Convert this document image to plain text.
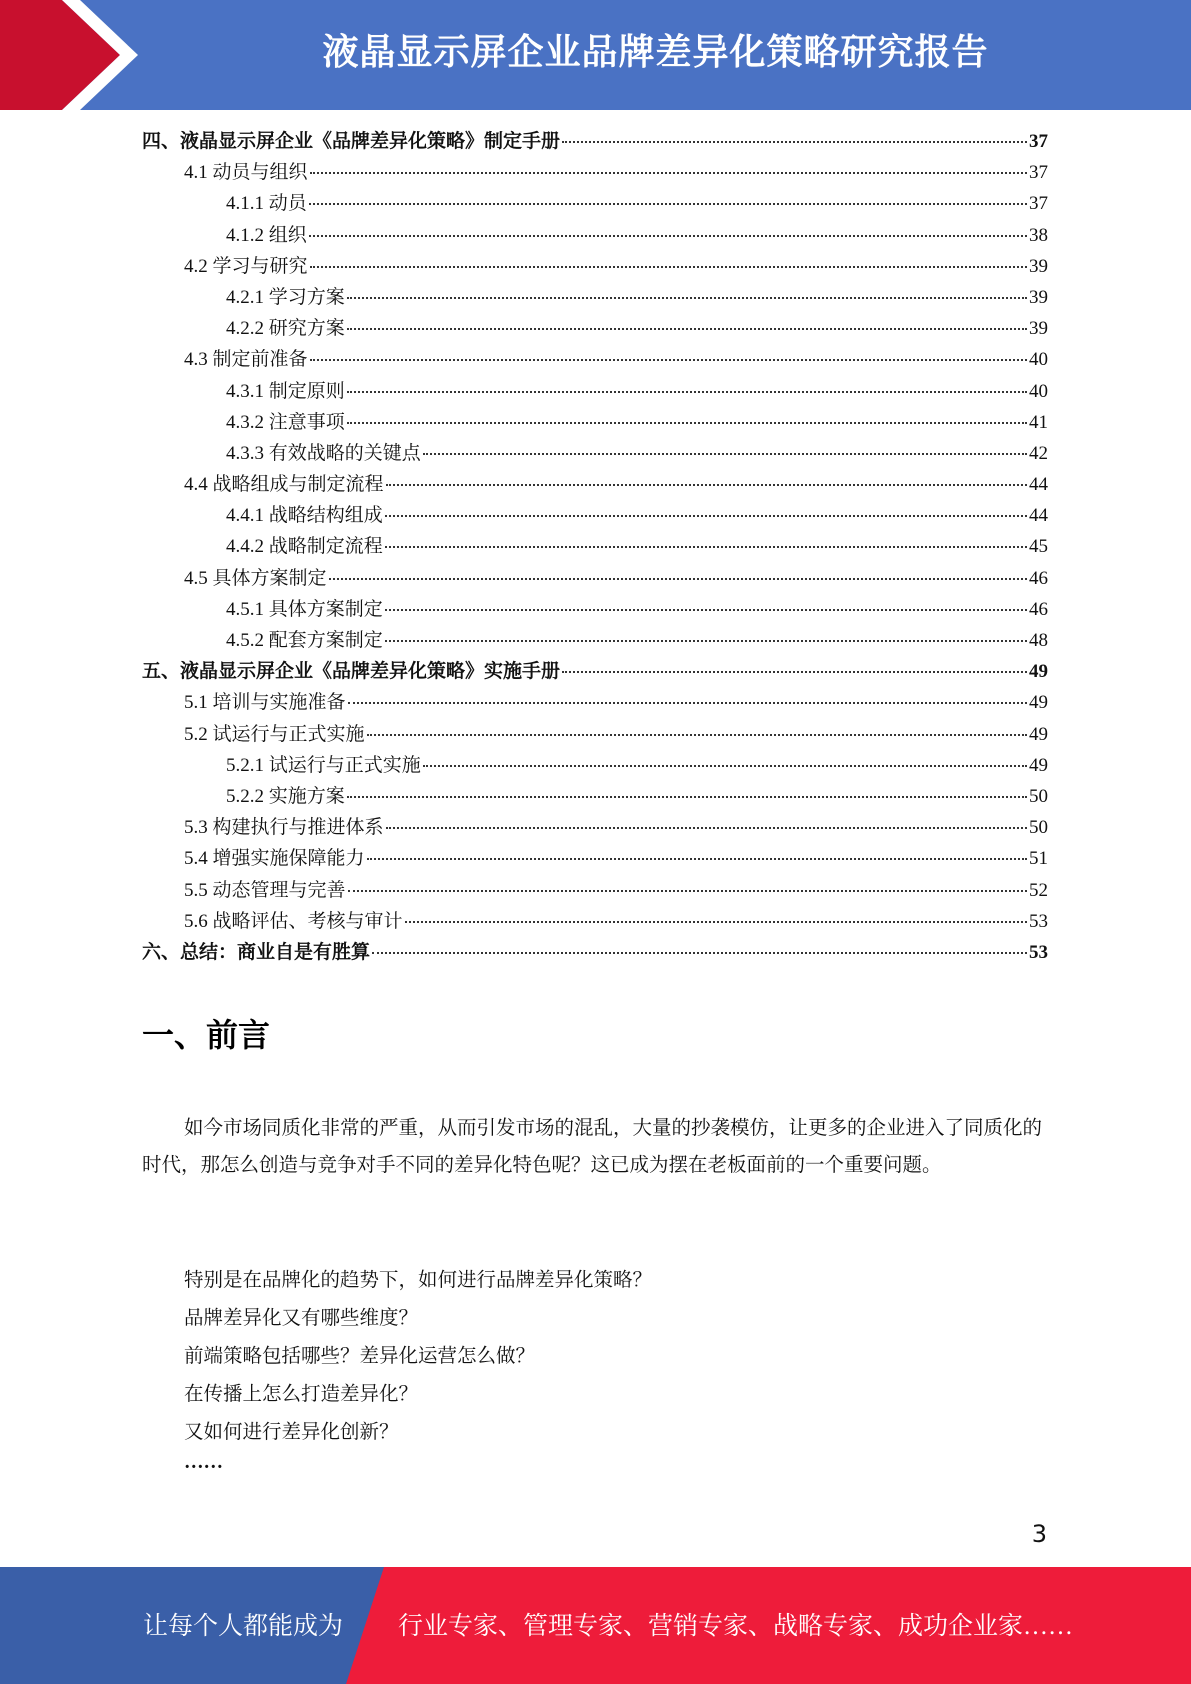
液晶显示屏企业品牌差异化策略研究报告
四、液晶显示屏企业《品牌差异化策略》制定手册	37
4.1 动员与组织	37
4.1.1 动员	37
4.1.2 组织	38
4.2 学习与研究	39
4.2.1 学习方案	39
4.2.2 研究方案	39
4.3 制定前准备	40
4.3.1 制定原则	40
4.3.2 注意事项	41
4.3.3 有效战略的关键点	42
4.4 战略组成与制定流程	44
4.4.1 战略结构组成	44
4.4.2 战略制定流程	45
4.5 具体方案制定	46
4.5.1 具体方案制定	46
4.5.2 配套方案制定	48
五、液晶显示屏企业《品牌差异化策略》实施手册	49
5.1 培训与实施准备	49
5.2 试运行与正式实施	49
5.2.1 试运行与正式实施	49
5.2.2 实施方案	50
5.3 构建执行与推进体系	50
5.4 增强实施保障能力	51
5.5 动态管理与完善	52
5.6 战略评估、考核与审计	53
六、总结：商业自是有胜算	53
一、前言

如今市场同质化非常的严重，从而引发市场的混乱，大量的抄袭模仿，让更多的企业进入了同质化的时代，那怎么创造与竞争对手不同的差异化特色呢？这已成为摆在老板面前的一个重要问题。

特别是在品牌化的趋势下，如何进行品牌差异化策略？

品牌差异化又有哪些维度？

前端策略包括哪些？差异化运营怎么做？

在传播上怎么打造差异化？

又如何进行差异化创新？

……

3

让每个人都能成为 行业专家、管理专家、营销专家、战略专家、成功企业家……
